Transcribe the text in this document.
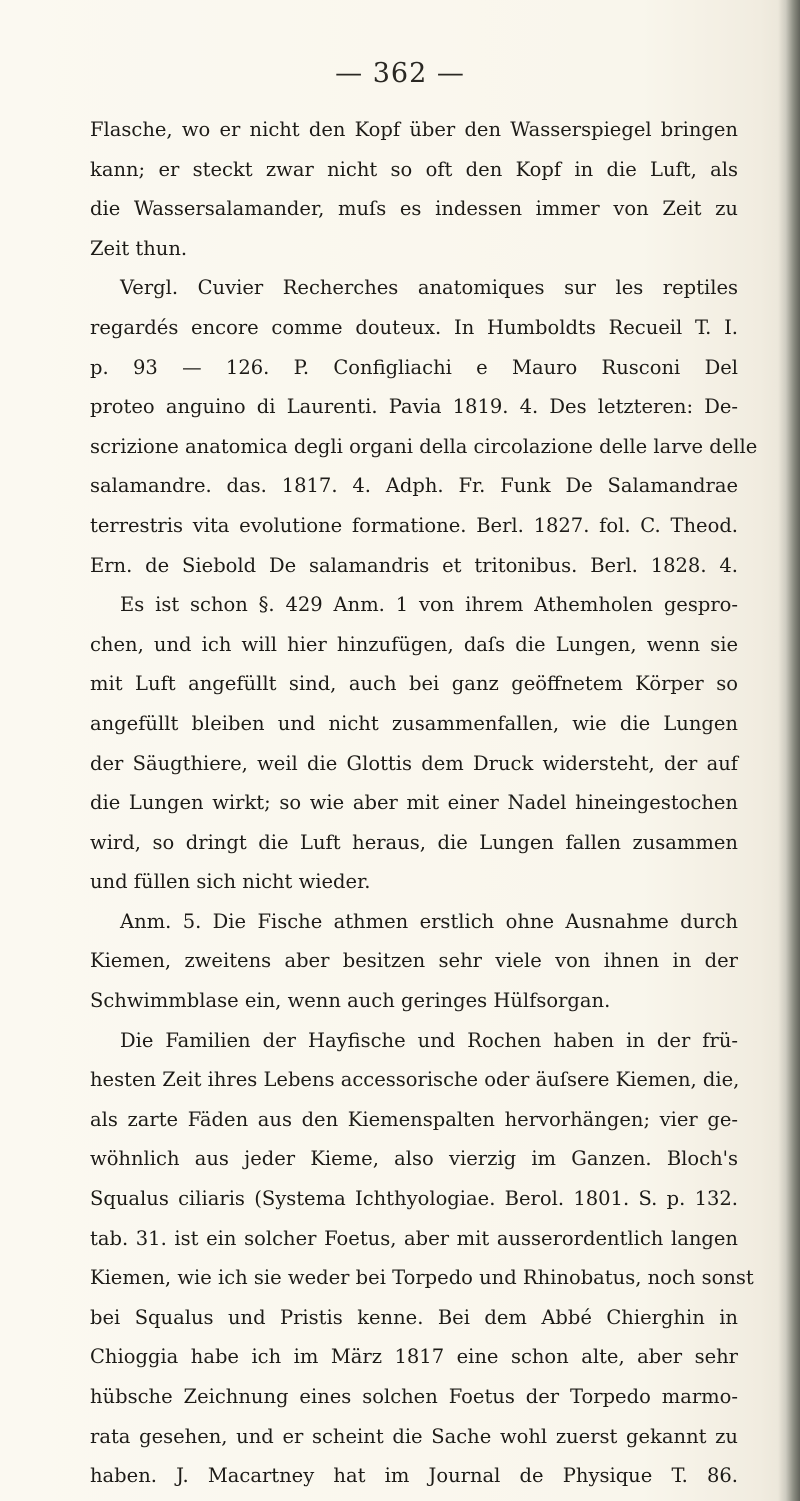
— 362 —
Flasche, wo er nicht den Kopf über den Wasserspiegel bringen
kann; er steckt zwar nicht so oft den Kopf in die Luft, als
die Wassersalamander, muſs es indessen immer von Zeit zu
Zeit thun.
Vergl. Cuvier Recherches anatomiques sur les reptiles
regardés encore comme douteux. In Humboldts Recueil T. I.
p. 93 — 126. P. Configliachi e Mauro Rusconi Del
proteo anguino di Laurenti. Pavia 1819. 4. Des letzteren: De-
scrizione anatomica degli organi della circolazione delle larve delle
salamandre. das. 1817. 4. Adph. Fr. Funk De Salamandrae
terrestris vita evolutione formatione. Berl. 1827. fol. C. Theod.
Ern. de Siebold De salamandris et tritonibus. Berl. 1828. 4.
Es ist schon §. 429 Anm. 1 von ihrem Athemholen gespro-
chen, und ich will hier hinzufügen, daſs die Lungen, wenn sie
mit Luft angefüllt sind, auch bei ganz geöffnetem Körper so
angefüllt bleiben und nicht zusammenfallen, wie die Lungen
der Säugthiere, weil die Glottis dem Druck widersteht, der auf
die Lungen wirkt; so wie aber mit einer Nadel hineingestochen
wird, so dringt die Luft heraus, die Lungen fallen zusammen
und füllen sich nicht wieder.
Anm. 5. Die Fische athmen erstlich ohne Ausnahme durch
Kiemen, zweitens aber besitzen sehr viele von ihnen in der
Schwimmblase ein, wenn auch geringes Hülfsorgan.
Die Familien der Hayfische und Rochen haben in der frü-
hesten Zeit ihres Lebens accessorische oder äuſsere Kiemen, die,
als zarte Fäden aus den Kiemenspalten hervorhängen; vier ge-
wöhnlich aus jeder Kieme, also vierzig im Ganzen. Bloch's
Squalus ciliaris (Systema Ichthyologiae. Berol. 1801. S. p. 132.
tab. 31. ist ein solcher Foetus, aber mit ausserordentlich langen
Kiemen, wie ich sie weder bei Torpedo und Rhinobatus, noch sonst
bei Squalus und Pristis kenne. Bei dem Abbé Chierghin in
Chioggia habe ich im März 1817 eine schon alte, aber sehr
hübsche Zeichnung eines solchen Foetus der Torpedo marmo-
rata gesehen, und er scheint die Sache wohl zuerst gekannt zu
haben. J. Macartney hat im Journal de Physique T. 86.
